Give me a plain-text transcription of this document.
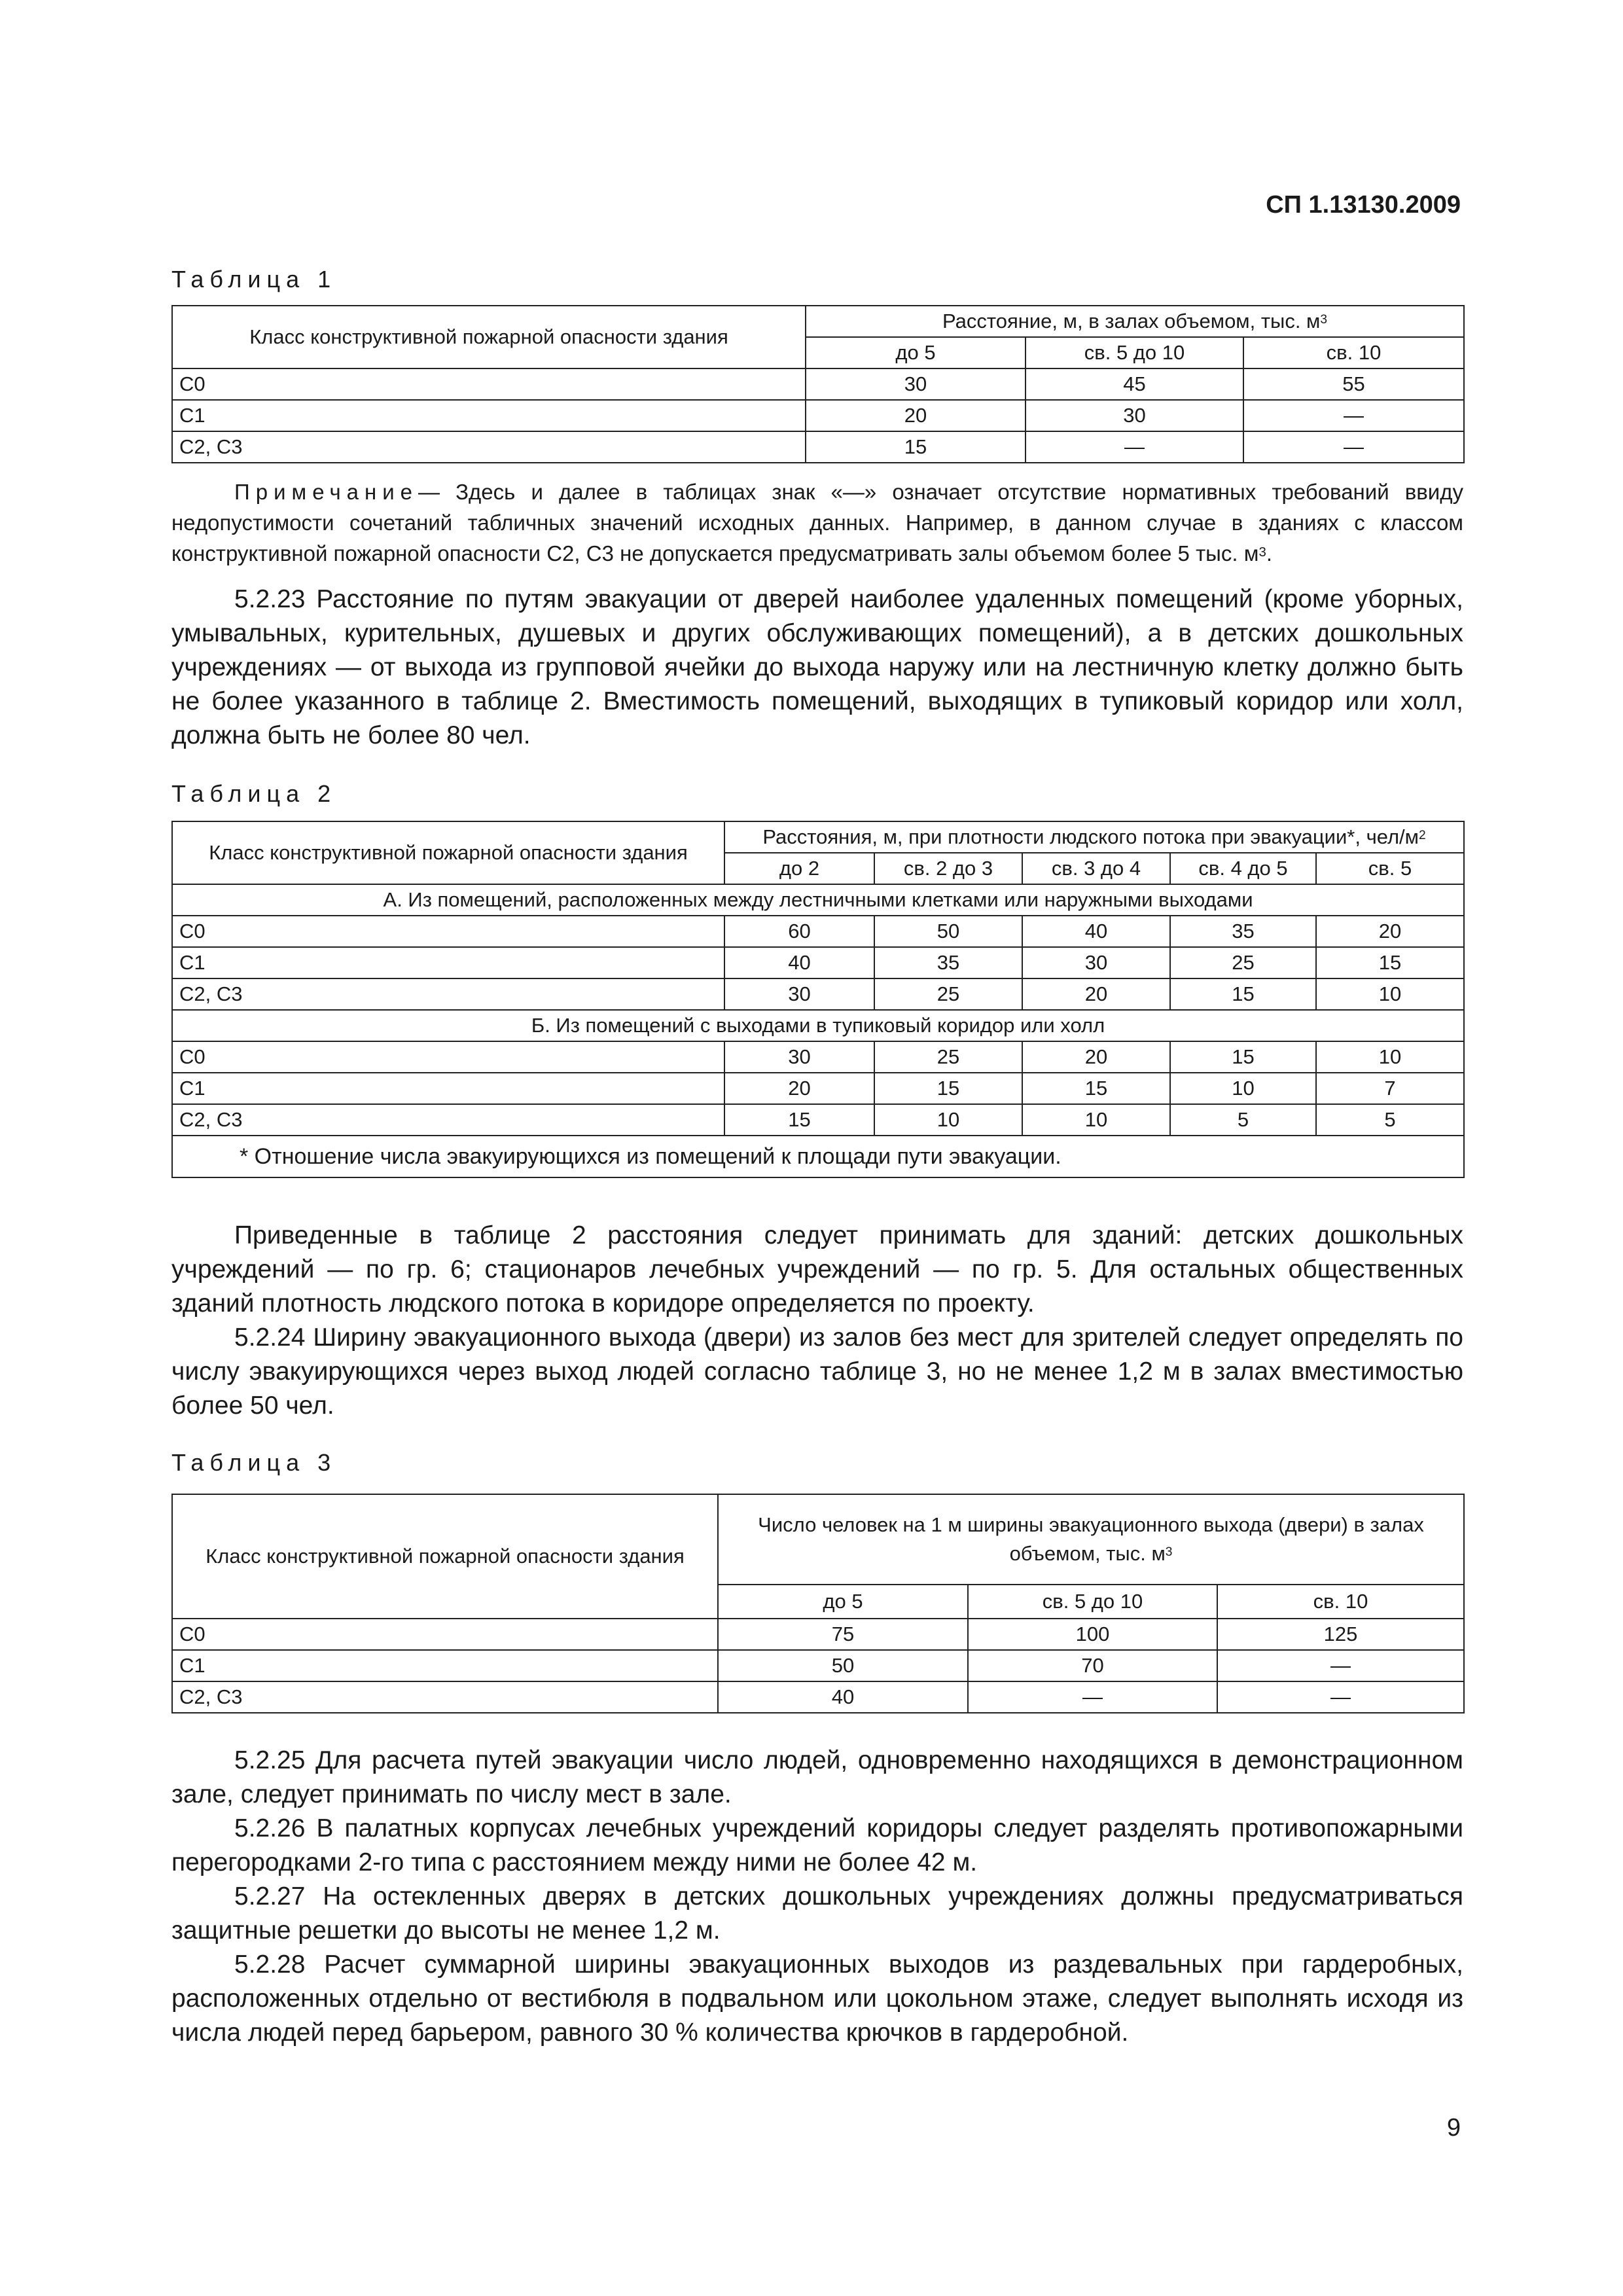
СП 1.13130.2009
Таблица 1
Класс конструктивной пожарной опасности здания	Расстояние, м, в залах объемом, тыс. $м^3$
	до 5	св. 5 до 10	св. 10
С0	30	45	55
С1	20	30	—
С2, С3	15	—	—
Примечание— Здесь и далее в таблицах знак «—» означает отсутствие нормативных требований ввиду недопустимости сочетаний табличных значений исходных данных. Например, в данном случае в зданиях с классом конструктивной пожарной опасности С2, С3 не допускается предусматривать залы объемом более 5 тыс. $м^3$.

5.2.23 Расстояние по путям эвакуации от дверей наиболее удаленных помещений (кроме уборных, умывальных, курительных, душевых и других обслуживающих помещений), а в детских дошкольных учреждениях — от выхода из групповой ячейки до выхода наружу или на лестничную клетку должно быть не более указанного в таблице 2. Вместимость помещений, выходящих в тупиковый коридор или холл, должна быть не более 80 чел.

Таблица 2
Класс конструктивной пожарной опасности здания	Расстояния, м, при плотности людского потока при эвакуации*, чел/$м^2$
	до 2	св. 2 до 3	св. 3 до 4	св. 4 до 5	св. 5
А. Из помещений, расположенных между лестничными клетками или наружными выходами					
С0	60	50	40	35	20
С1	40	35	30	25	15
С2, С3	30	25	20	15	10
Б. Из помещений с выходами в тупиковый коридор или холл					
С0	30	25	20	15	10
С1	20	15	15	10	7
С2, С3	15	10	10	5	5
* Отношение числа эвакуирующихся из помещений к площади пути эвакуации.					

Приведенные в таблице 2 расстояния следует принимать для зданий: детских дошкольных учреждений — по гр. 6; стационаров лечебных учреждений — по гр. 5. Для остальных общественных зданий плотность людского потока в коридоре определяется по проекту.

5.2.24 Ширину эвакуационного выхода (двери) из залов без мест для зрителей следует определять по числу эвакуирующихся через выход людей согласно таблице 3, но не менее 1,2 м в залах вместимостью более 50 чел.

Таблица 3
Класс конструктивной пожарной опасности здания	Число человек на 1 м ширины эвакуационного выхода (двери) в залах объемом, тыс. $м^3$
	до 5	св. 5 до 10	св. 10
С0	75	100	125
С1	50	70	—
С2, С3	40	—	—

5.2.25 Для расчета путей эвакуации число людей, одновременно находящихся в демонстрационном зале, следует принимать по числу мест в зале.

5.2.26 В палатных корпусах лечебных учреждений коридоры следует разделять противопожарными перегородками 2-го типа с расстоянием между ними не более 42 м.

5.2.27 На остекленных дверях в детских дошкольных учреждениях должны предусматриваться защитные решетки до высоты не менее 1,2 м.

5.2.28 Расчет суммарной ширины эвакуационных выходов из раздевальных при гардеробных, расположенных отдельно от вестибюля в подвальном или цокольном этаже, следует выполнять исходя из числа людей перед барьером, равного 30 % количества крючков в гардеробной.

9
